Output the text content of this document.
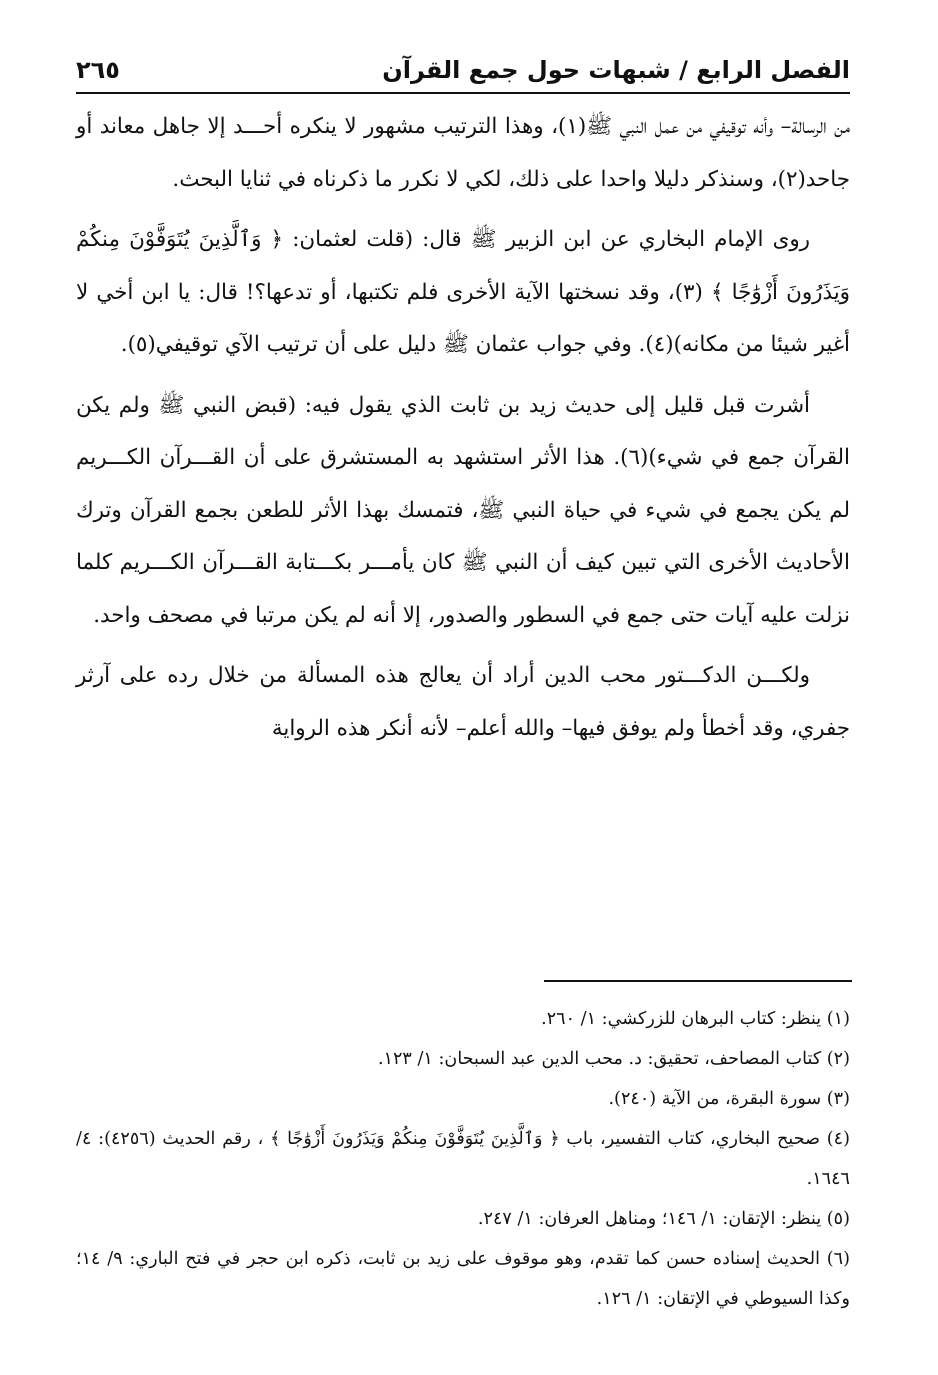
الفصل الرابع / شبهات حول جمع القرآن
٢٦٥

من الرسالة– وأنه توقيفي من عمل النبي ﷺ(١)، وهذا الترتيب مشهور لا ينكره أحـــد إلا جاهل معاند أو جاحد(٢)، وسنذكر دليلا واحدا على ذلك، لكي لا نكرر ما ذكرناه في ثنايا البحث.

روى الإمام البخاري عن ابن الزبير ﷺ قال: (قلت لعثمان: ﴿ وَٱلَّذِينَ يُتَوَفَّوْنَ مِنكُمْ وَيَذَرُونَ أَزْوَٰجًا ﴾ (٣)، وقد نسختها الآية الأخرى فلم تكتبها، أو تدعها؟! قال: يا ابن أخي لا أغير شيئا من مكانه)(٤). وفي جواب عثمان ﷺ دليل على أن ترتيب الآي توقيفي(٥).

أشرت قبل قليل إلى حديث زيد بن ثابت الذي يقول فيه: (قبض النبي ﷺ ولم يكن القرآن جمع في شيء)(٦). هذا الأثر استشهد به المستشرق على أن القـــرآن الكـــريم لم يكن يجمع في شيء في حياة النبي ﷺ، فتمسك بهذا الأثر للطعن بجمع القرآن وترك الأحاديث الأخرى التي تبين كيف أن النبي ﷺ كان يأمـــر بكـــتابة القـــرآن الكـــريم كلما نزلت عليه آيات حتى جمع في السطور والصدور، إلا أنه لم يكن مرتبا في مصحف واحد.

ولكـــن الدكـــتور محب الدين أراد أن يعالج هذه المسألة من خلال رده على آرثر جفري، وقد أخطأ ولم يوفق فيها– والله أعلم– لأنه أنكر هذه الرواية

(١) ينظر: كتاب البرهان للزركشي: ١/ ٢٦٠.

(٢) كتاب المصاحف، تحقيق: د. محب الدين عبد السبحان: ١/ ١٢٣.

(٣) سورة البقرة، من الآية (٢٤٠).

(٤) صحيح البخاري، كتاب التفسير، باب ﴿ وَٱلَّذِينَ يُتَوَفَّوْنَ مِنكُمْ وَيَذَرُونَ أَزْوَٰجًا ﴾ ، رقم الحديث (٤٢٥٦): ٤/ ١٦٤٦.

(٥) ينظر: الإتقان: ١/ ١٤٦؛ ومناهل العرفان: ١/ ٢٤٧.

(٦) الحديث إسناده حسن كما تقدم، وهو موقوف على زيد بن ثابت، ذكره ابن حجر في فتح الباري: ٩/ ١٤؛ وكذا السيوطي في الإتقان: ١/ ١٢٦.
